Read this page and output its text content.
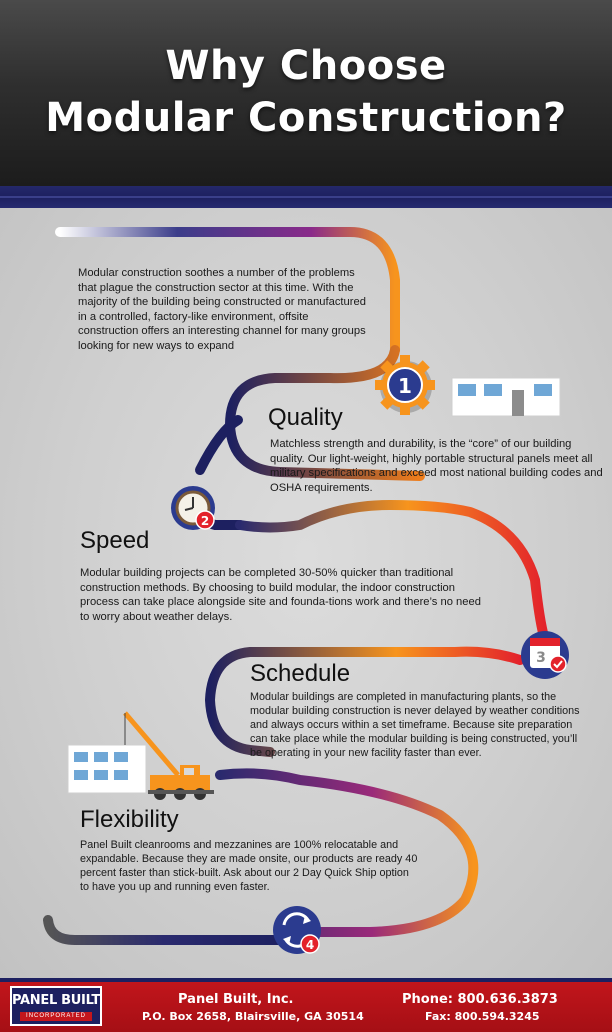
Why Choose
Modular Construction?
1
2
3
4
Modular construction soothes a number of the problems that plague the construction sector at this time. With the majority of the building being constructed or manufactured in a controlled, factory-like environment, offsite construction offers an interesting channel for many groups looking for new ways to expand
Quality
Matchless strength and durability, is the “core” of our building quality. Our light-weight, highly portable structural panels meet all military specifications and exceed most national building codes and OSHA requirements.
Speed
Modular building projects can be completed 30-50% quicker than traditional construction methods. By choosing to build modular, the indoor construction process can take place alongside site and founda-tions work and there’s no need to worry about weather delays.
Schedule
Modular buildings are completed in manufacturing plants, so the modular building construction is never delayed by weather conditions and always occurs within a set timeframe. Because site preparation can take place while the modular building is being constructed, you’ll be operating in your new facility faster than ever.
Flexibility
Panel Built cleanrooms and mezzanines are 100% relocatable and expandable. Because they are made onsite, our products are ready 40 percent faster than stick-built. Ask about our 2 Day Quick Ship option to have you up and running even faster.
PANEL BUILT
INCORPORATED
Panel Built, Inc.
P.O. Box 2658, Blairsville, GA 30514
Phone: 800.636.3873
Fax: 800.594.3245
